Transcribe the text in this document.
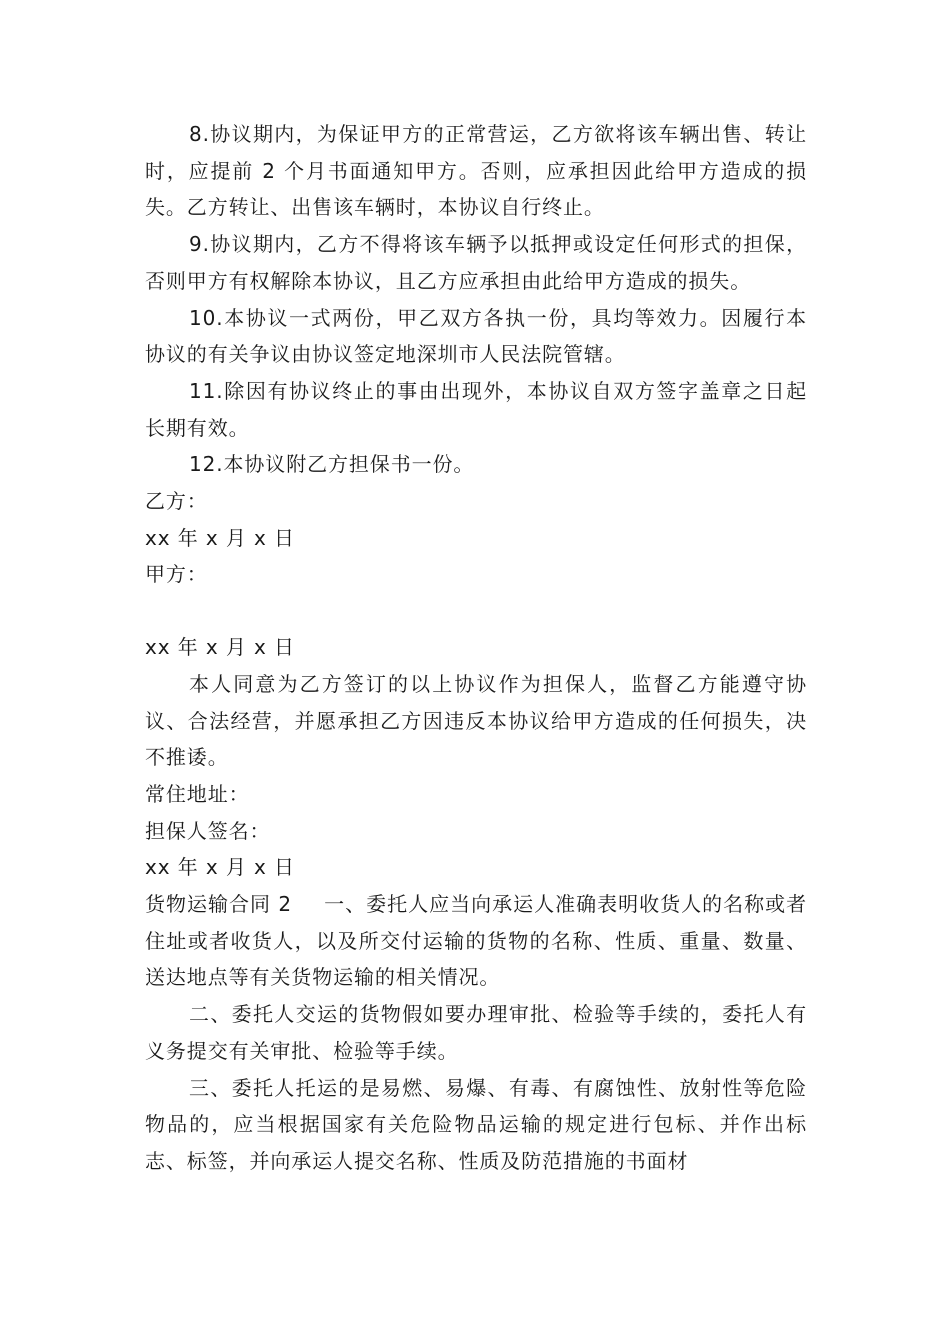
8.协议期内，为保证甲方的正常营运，乙方欲将该车辆出售、转让时，应提前 2 个月书面通知甲方。否则，应承担因此给甲方造成的损失。乙方转让、出售该车辆时，本协议自行终止。

9.协议期内，乙方不得将该车辆予以抵押或设定任何形式的担保，否则甲方有权解除本协议，且乙方应承担由此给甲方造成的损失。

10.本协议一式两份，甲乙双方各执一份，具均等效力。因履行本协议的有关争议由协议签定地深圳市人民法院管辖。

11.除因有协议终止的事由出现外，本协议自双方签字盖章之日起长期有效。

12.本协议附乙方担保书一份。

乙方：

xx 年 x 月 x 日

甲方：

xx 年 x 月 x 日

本人同意为乙方签订的以上协议作为担保人，监督乙方能遵守协议、合法经营，并愿承担乙方因违反本协议给甲方造成的任何损失，决不推诿。

常住地址：

担保人签名：

xx 年 x 月 x 日

货物运输合同 2 一、委托人应当向承运人准确表明收货人的名称或者住址或者收货人，以及所交付运输的货物的名称、性质、重量、数量、送达地点等有关货物运输的相关情况。

二、委托人交运的货物假如要办理审批、检验等手续的，委托人有义务提交有关审批、检验等手续。

三、委托人托运的是易燃、易爆、有毒、有腐蚀性、放射性等危险物品的，应当根据国家有关危险物品运输的规定进行包标、并作出标志、标签，并向承运人提交名称、性质及防范措施的书面材
